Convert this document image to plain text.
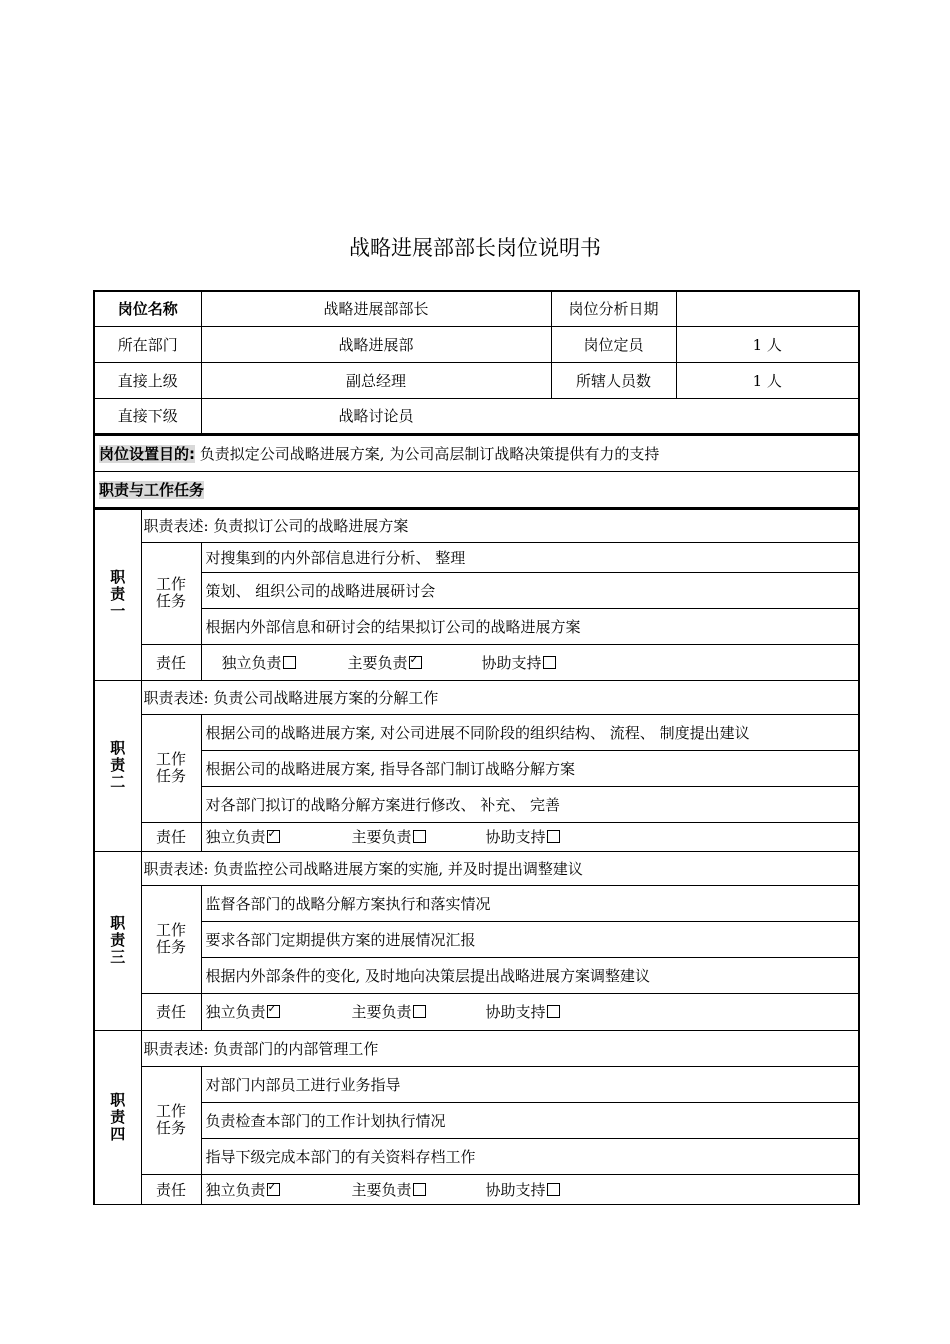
战略进展部部长岗位说明书
岗位名称	战略进展部部长	岗位分析日期	
所在部门	战略进展部	岗位定员	1 人
直接上级	副总经理	所辖人员数	1 人
直接下级	战略讨论员		
岗位设置目的: 负责拟定公司战略进展方案, 为公司高层制订战略决策提供有力的支持
职责与工作任务
职
责
一	职责表述: 负责拟订公司的战略进展方案	
	工作任务	对搜集到的内外部信息进行分析、 整理
		策划、 组织公司的战略进展研讨会
		根据内外部信息和研讨会的结果拟订公司的战略进展方案
	责任	独立负责 主要负责 ✓ 协助支持

职
责
二	职责表述: 负责公司战略进展方案的分解工作	
	工作任务	根据公司的战略进展方案, 对公司进展不同阶段的组织结构、 流程、 制度提出建议
		根据公司的战略进展方案, 指导各部门制订战略分解方案
		对各部门拟订的战略分解方案进行修改、 补充、 完善
	责任	独立负责 ✓ 主要负责 协助支持

职
责
三	职责表述: 负责监控公司战略进展方案的实施, 并及时提出调整建议	
	工作任务	监督各部门的战略分解方案执行和落实情况
		要求各部门定期提供方案的进展情况汇报
		根据内外部条件的变化, 及时地向决策层提出战略进展方案调整建议
	责任	独立负责 ✓ 主要负责 协助支持

职
责
四	职责表述: 负责部门的内部管理工作	
	工作任务	对部门内部员工进行业务指导
		负责检查本部门的工作计划执行情况
		指导下级完成本部门的有关资料存档工作
	责任	独立负责 ✓ 主要负责 协助支持
